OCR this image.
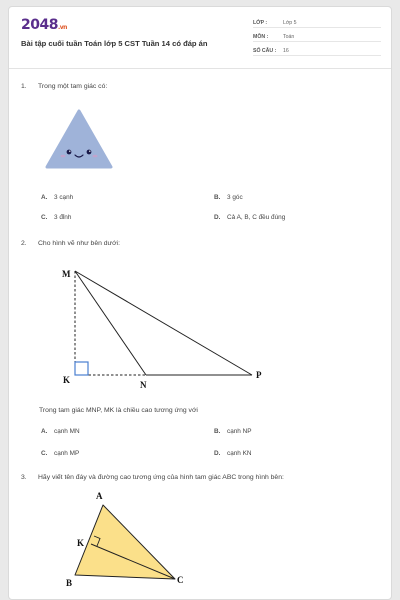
2048.vn
Bài tập cuối tuần Toán lớp 5 CST Tuần 14 có đáp án
LỚP :	Lớp 5
MÔN :	Toán
SỐ CÂU :	16
1. Trong một tam giác có:
A. 3 cạnh	B. 3 góc
C. 3 đỉnh	D. Cả A, B, C đều đúng
2. Cho hình vẽ như bên dưới:
M
K	N
P
Trong tam giác MNP, MK là chiều cao tương ứng với
A. cạnh MN	B. cạnh NP
C. cạnh MP	D. cạnh KN
3. Hãy viết tên đáy và đường cao tương ứng của hình tam giác ABC trong hình bên:
A
K
B	C
